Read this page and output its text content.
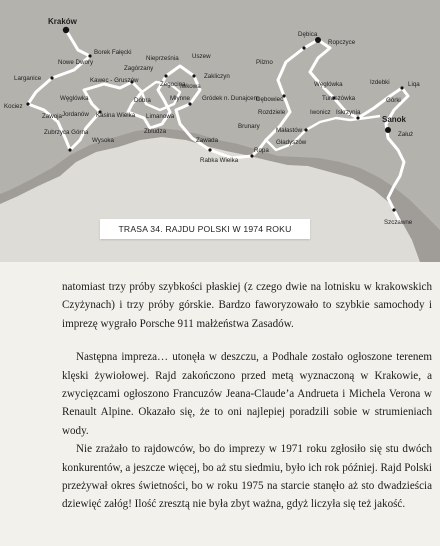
Kraków
Borek Fałęcki
Nowe Dwory
Larganice
Kociez
Zawoja
Zubrzyca Górna
Jordanów
Węglówka
Kasina Wielka
Wysoka
Kawec - Gruszów
Zagórzany
Dobra
Limanowa
Zbludza
Nieprześnia Uszew
Żegocina
Młynne
Iwkowa
Zakliczyn
Gródek n. Dunajcem
Zawada
Rabka Wielka
Pilzno
Dębowiec
Rozdziele
Brunary
Ropa
Małastów
Gładyszów
Dębica
Ropczyce
Węglówka
Turaszówka
Iwonicz Iskrzynia
Izdebki	Liqa
Górki
Sanok
Załuż
Szczawne
TRASA 34. RAJDU POLSKI W 1974 ROKU

natomiast trzy próby szybkości płaskiej (z czego dwie na lotnisku w krakowskich Czyżynach) i trzy próby górskie. Bardzo faworyzowało to szybkie samochody i imprezę wygrało Porsche 911 małżeństwa Zasadów.

Następna impreza… utonęła w deszczu, a Podhale zostało ogłoszone terenem klęski żywiołowej. Rajd zakończono przed metą wyznaczoną w Krakowie, a zwycięzcami ogłoszono Francuzów Jeana-Claude’a Andrueta i Michela Verona w Renault Alpine. Okazało się, że to oni najlepiej poradzili sobie w strumieniach wody.

Nie zrażało to rajdowców, bo do imprezy w 1971 roku zgłosiło się stu dwóch konkurentów, a jeszcze więcej, bo aż stu siedmiu, było ich rok później. Rajd Polski przeżywał okres świetności, bo w roku 1975 na starcie stanęło aż sto dwadzieścia dziewięć załóg! Ilość zresztą nie była zbyt ważna, gdyż liczyła się też jakość.
